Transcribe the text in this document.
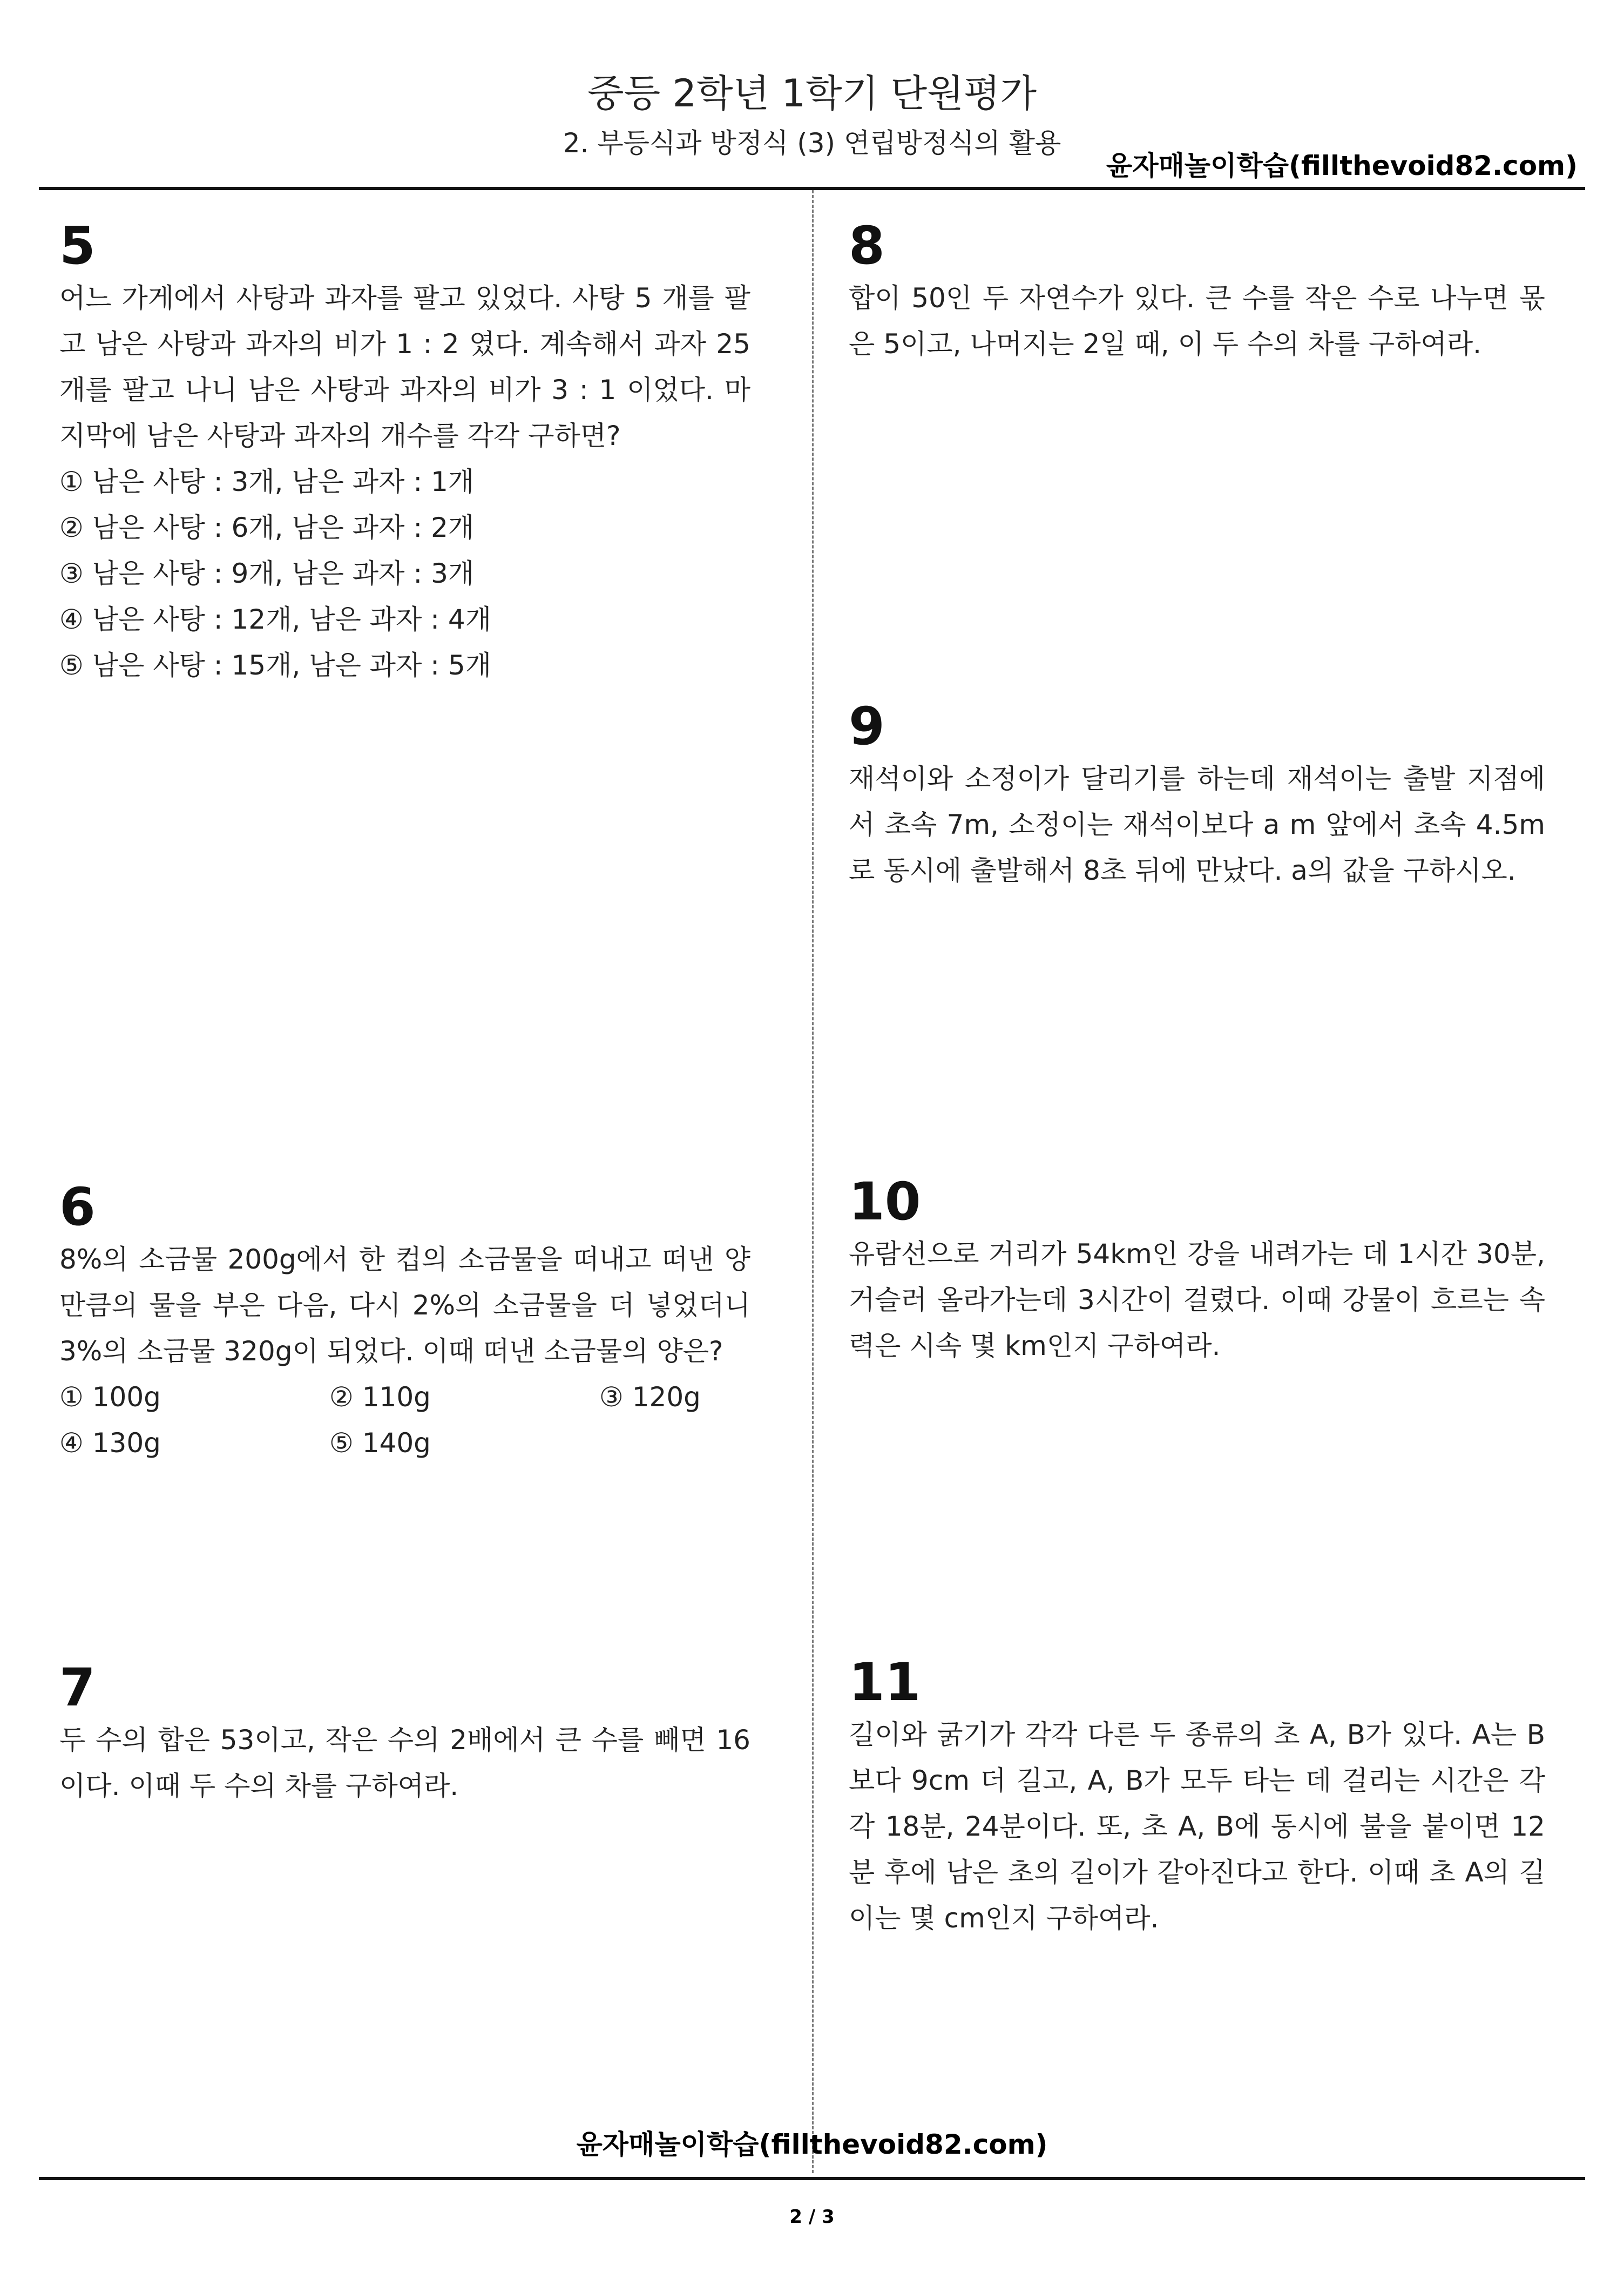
중등 2학년 1학기 단원평가
2. 부등식과 방정식 (3) 연립방정식의 활용
윤자매놀이학습(fillthevoid82.com)
5
어느 가게에서 사탕과 과자를 팔고 있었다. 사탕 5 개를 팔고 남은 사탕과 과자의 비가 1 : 2 였다. 계속해서 과자 25 개를 팔고 나니 남은 사탕과 과자의 비가 3 : 1 이었다. 마지막에 남은 사탕과 과자의 개수를 각각 구하면?
① 남은 사탕 : 3개, 남은 과자 : 1개
② 남은 사탕 : 6개, 남은 과자 : 2개
③ 남은 사탕 : 9개, 남은 과자 : 3개
④ 남은 사탕 : 12개, 남은 과자 : 4개
⑤ 남은 사탕 : 15개, 남은 과자 : 5개
6
8%의 소금물 200g에서 한 컵의 소금물을 떠내고 떠낸 양 만큼의 물을 부은 다음, 다시 2%의 소금물을 더 넣었더니 3%의 소금물 320g이 되었다. 이때 떠낸 소금물의 양은?
① 100g	② 110g	③ 120g
④ 130g	⑤ 140g
7
두 수의 합은 53이고, 작은 수의 2배에서 큰 수를 빼면 16이다. 이때 두 수의 차를 구하여라.
8
합이 50인 두 자연수가 있다. 큰 수를 작은 수로 나누면 몫은 5이고, 나머지는 2일 때, 이 두 수의 차를 구하여라.
9
재석이와 소정이가 달리기를 하는데 재석이는 출발 지점에서 초속 7m, 소정이는 재석이보다 a m 앞에서 초속 4.5m로 동시에 출발해서 8초 뒤에 만났다. a의 값을 구하시오.
10
유람선으로 거리가 54km인 강을 내려가는 데 1시간 30분, 거슬러 올라가는데 3시간이 걸렸다. 이때 강물이 흐르는 속력은 시속 몇 km인지 구하여라.
11
길이와 굵기가 각각 다른 두 종류의 초 A, B가 있다. A는 B보다 9cm 더 길고, A, B가 모두 타는 데 걸리는 시간은 각각 18분, 24분이다. 또, 초 A, B에 동시에 불을 붙이면 12분 후에 남은 초의 길이가 같아진다고 한다. 이때 초 A의 길이는 몇 cm인지 구하여라.
윤자매놀이학습(fillthevoid82.com)
2 / 3
